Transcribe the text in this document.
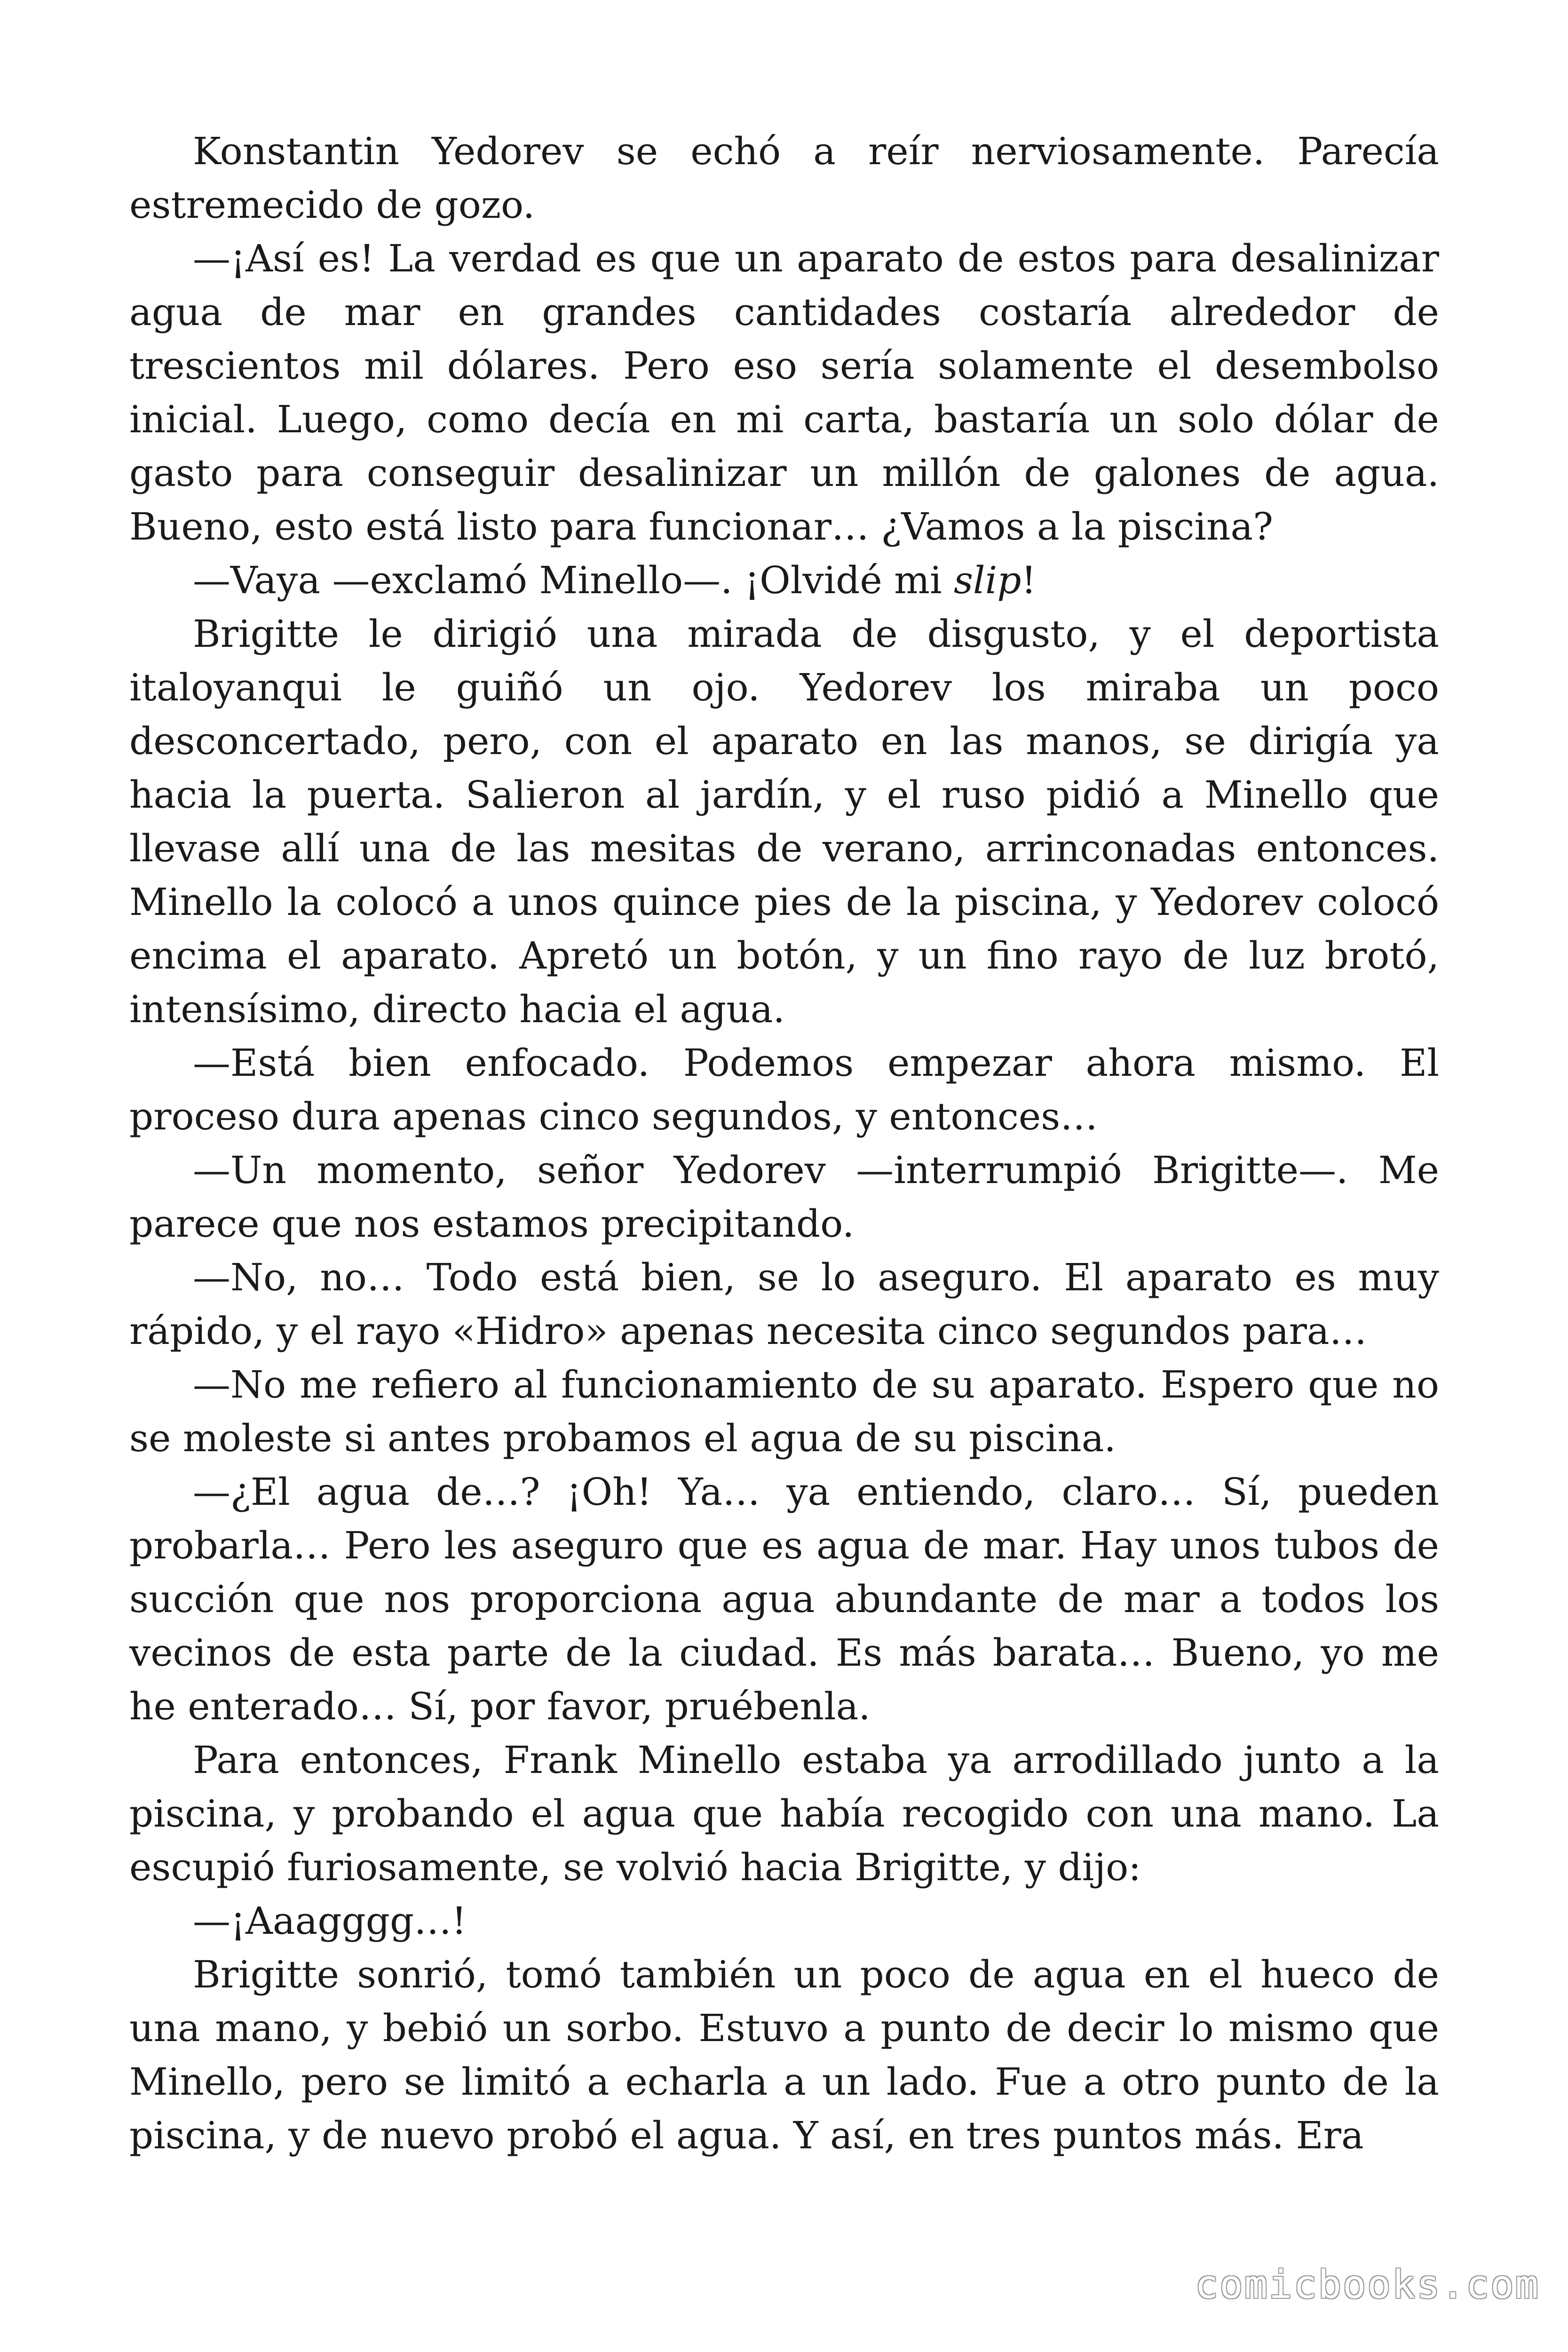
Konstantin Yedorev se echó a reír nerviosamente. Parecía estremecido de gozo.

—¡Así es! La verdad es que un aparato de estos para desalinizar agua de mar en grandes cantidades costaría alrededor de trescientos mil dólares. Pero eso sería solamente el desembolso inicial. Luego, como decía en mi carta, bastaría un solo dólar de gasto para conseguir desalinizar un millón de galones de agua. Bueno, esto está listo para funcionar… ¿Vamos a la piscina?

—Vaya —exclamó Minello—. ¡Olvidé mi slip!

Brigitte le dirigió una mirada de disgusto, y el deportista italoyanqui le guiñó un ojo. Yedorev los miraba un poco desconcertado, pero, con el aparato en las manos, se dirigía ya hacia la puerta. Salieron al jardín, y el ruso pidió a Minello que llevase allí una de las mesitas de verano, arrinconadas entonces. Minello la colocó a unos quince pies de la piscina, y Yedorev colocó encima el aparato. Apretó un botón, y un fino rayo de luz brotó, intensísimo, directo hacia el agua.

—Está bien enfocado. Podemos empezar ahora mismo. El proceso dura apenas cinco segundos, y entonces…

—Un momento, señor Yedorev —interrumpió Brigitte—. Me parece que nos estamos precipitando.

—No, no… Todo está bien, se lo aseguro. El aparato es muy rápido, y el rayo «Hidro» apenas necesita cinco segundos para…

—No me refiero al funcionamiento de su aparato. Espero que no se moleste si antes probamos el agua de su piscina.

—¿El agua de…? ¡Oh! Ya… ya entiendo, claro… Sí, pueden probarla… Pero les aseguro que es agua de mar. Hay unos tubos de succión que nos proporciona agua abundante de mar a todos los vecinos de esta parte de la ciudad. Es más barata… Bueno, yo me he enterado… Sí, por favor, pruébenla.

Para entonces, Frank Minello estaba ya arrodillado junto a la piscina, y probando el agua que había recogido con una mano. La escupió furiosamente, se volvió hacia Brigitte, y dijo:

—¡Aaagggg…!

Brigitte sonrió, tomó también un poco de agua en el hueco de una mano, y bebió un sorbo. Estuvo a punto de decir lo mismo que Minello, pero se limitó a echarla a un lado. Fue a otro punto de la piscina, y de nuevo probó el agua. Y así, en tres puntos más. Era

comicbooks.com
